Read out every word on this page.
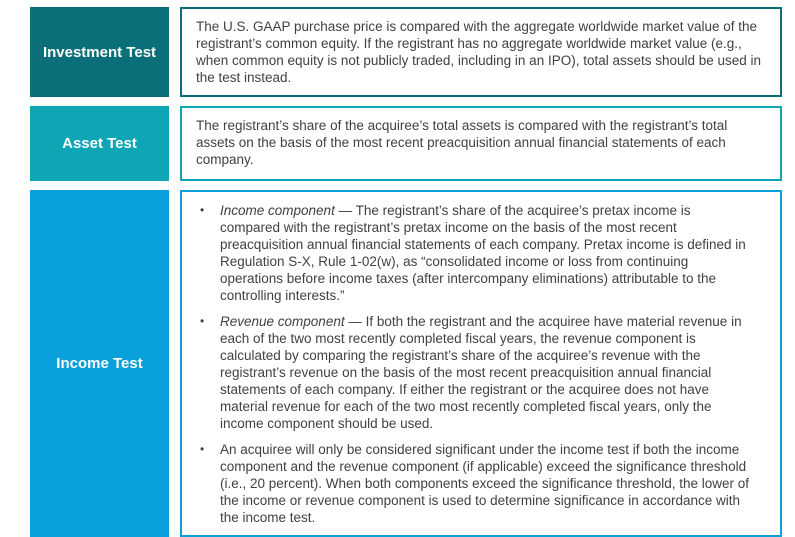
Investment Test

The U.S. GAAP purchase price is compared with the aggregate worldwide market value of the registrant’s common equity. If the registrant has no aggregate worldwide market value (e.g., when common equity is not publicly traded, including in an IPO), total assets should be used in the test instead.

Asset Test

The registrant’s share of the acquiree’s total assets is compared with the registrant’s total assets on the basis of the most recent preacquisition annual financial statements of each company.

Income Test
• Income component — The registrant’s share of the acquiree’s pretax income is compared with the registrant’s pretax income on the basis of the most recent preacquisition annual financial statements of each company. Pretax income is defined in Regulation S-X, Rule 1-02(w), as “consolidated income or loss from continuing operations before income taxes (after intercompany eliminations) attributable to the controlling interests.”
• Revenue component — If both the registrant and the acquiree have material revenue in each of the two most recently completed fiscal years, the revenue component is calculated by comparing the registrant’s share of the acquiree’s revenue with the registrant’s revenue on the basis of the most recent preacquisition annual financial statements of each company. If either the registrant or the acquiree does not have material revenue for each of the two most recently completed fiscal years, only the income component should be used.
• An acquiree will only be considered significant under the income test if both the income component and the revenue component (if applicable) exceed the significance threshold (i.e., 20 percent). When both components exceed the significance threshold, the lower of the income or revenue component is used to determine significance in accordance with the income test.
